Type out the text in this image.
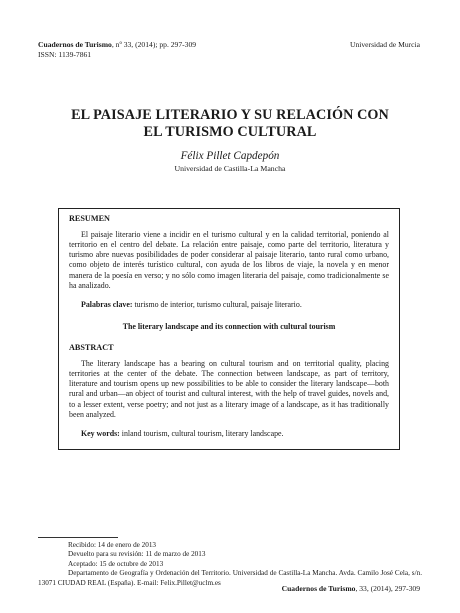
Cuadernos de Turismo, nº 33, (2014); pp. 297-309
ISSN: 1139-7861
Universidad de Murcia
EL PAISAJE LITERARIO Y SU RELACIÓN CON
EL TURISMO CULTURAL
Félix Pillet Capdepón
Universidad de Castilla-La Mancha

RESUMEN

El paisaje literario viene a incidir en el turismo cultural y en la calidad territorial, poniendo al territorio en el centro del debate. La relación entre paisaje, como parte del territorio, literatura y turismo abre nuevas posibilidades de poder considerar al paisaje literario, tanto rural como urbano, como objeto de interés turístico cultural, con ayuda de los libros de viaje, la novela y en menor manera de la poesía en verso; y no sólo como imagen literaria del paisaje, como tradicionalmente se ha analizado.

Palabras clave: turismo de interior, turismo cultural, paisaje literario.

The literary landscape and its connection with cultural tourism

ABSTRACT

The literary landscape has a bearing on cultural tourism and on territorial quality, placing territories at the center of the debate. The connection between landscape, as part of territory, literature and tourism opens up new possibilities to be able to consider the literary landscape—both rural and urban—an object of tourist and cultural interest, with the help of travel guides, novels and, to a lesser extent, verse poetry; and not just as a literary image of a landscape, as it has traditionally been analyzed.

Key words: inland tourism, cultural tourism, literary landscape.

Recibido: 14 de enero de 2013

Devuelto para su revisión: 11 de marzo de 2013

Aceptado: 15 de octubre de 2013

Departamento de Geografía y Ordenación del Territorio. Universidad de Castilla-La Mancha. Avda. Camilo José Cela, s/n. 13071 CIUDAD REAL (España). E-mail: Felix.Pillet@uclm.es

Cuadernos de Turismo, 33, (2014), 297-309
